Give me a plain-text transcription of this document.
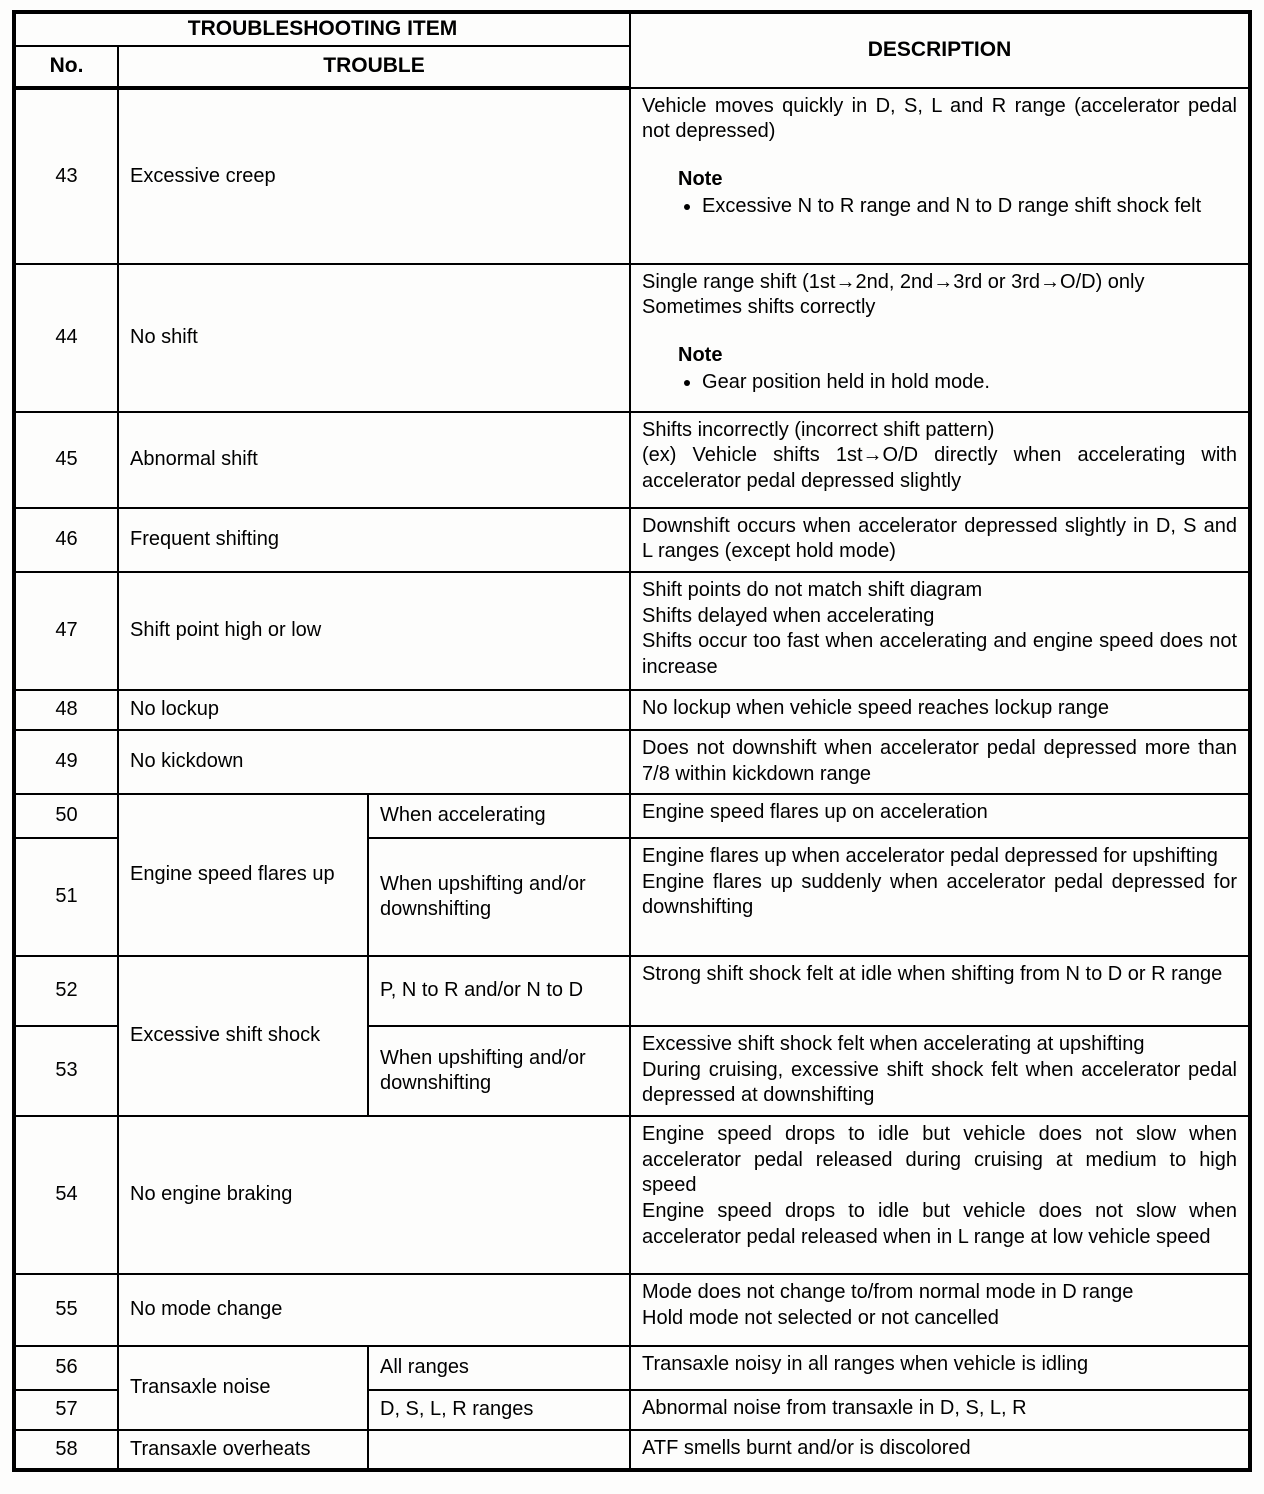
TROUBLESHOOTING ITEM			DESCRIPTION
No.	TROUBLE		
43	Excessive creep	
Vehicle moves quickly in D, S, L and R range (accelerator pedal not depressed)
Note
• Excessive N to R range and N to D range shift shock felt

44	No shift	
Single range shift (1st→2nd, 2nd→3rd or 3rd→O/D) only
Sometimes shifts correctly
Note
• Gear position held in hold mode.

45	Abnormal shift		Shifts incorrectly (incorrect shift pattern)
(ex) Vehicle shifts 1st→O/D directly when accelerating with accelerator pedal depressed slightly

46	Frequent shifting		Downshift occurs when accelerator depressed slightly in D, S and L ranges (except hold mode)

47	Shift point high or low		Shift points do not match shift diagram
Shifts delayed when accelerating
Shifts occur too fast when accelerating and engine speed does not increase

48	No lockup		No lockup when vehicle speed reaches lockup range

49	No kickdown		Does not downshift when accelerator pedal depressed more than 7/8 within kickdown range

50	Engine speed flares up	When accelerating	Engine speed flares up on acceleration

51		When upshifting and/or downshifting	Engine flares up when accelerator pedal depressed for upshifting
Engine flares up suddenly when accelerator pedal depressed for downshifting

52	Excessive shift shock	P, N to R and/or N to D	Strong shift shock felt at idle when shifting from N to D or R range

53		When upshifting and/or downshifting	Excessive shift shock felt when accelerating at upshifting
During cruising, excessive shift shock felt when accelerator pedal depressed at downshifting

54	No engine braking		Engine speed drops to idle but vehicle does not slow when accelerator pedal released during cruising at medium to high speed
Engine speed drops to idle but vehicle does not slow when accelerator pedal released when in L range at low vehicle speed

55	No mode change		Mode does not change to/from normal mode in D range
Hold mode not selected or not cancelled

56	Transaxle noise	All ranges	Transaxle noisy in all ranges when vehicle is idling

57		D, S, L, R ranges	Abnormal noise from transaxle in D, S, L, R

58	Transaxle overheats		ATF smells burnt and/or is discolored
